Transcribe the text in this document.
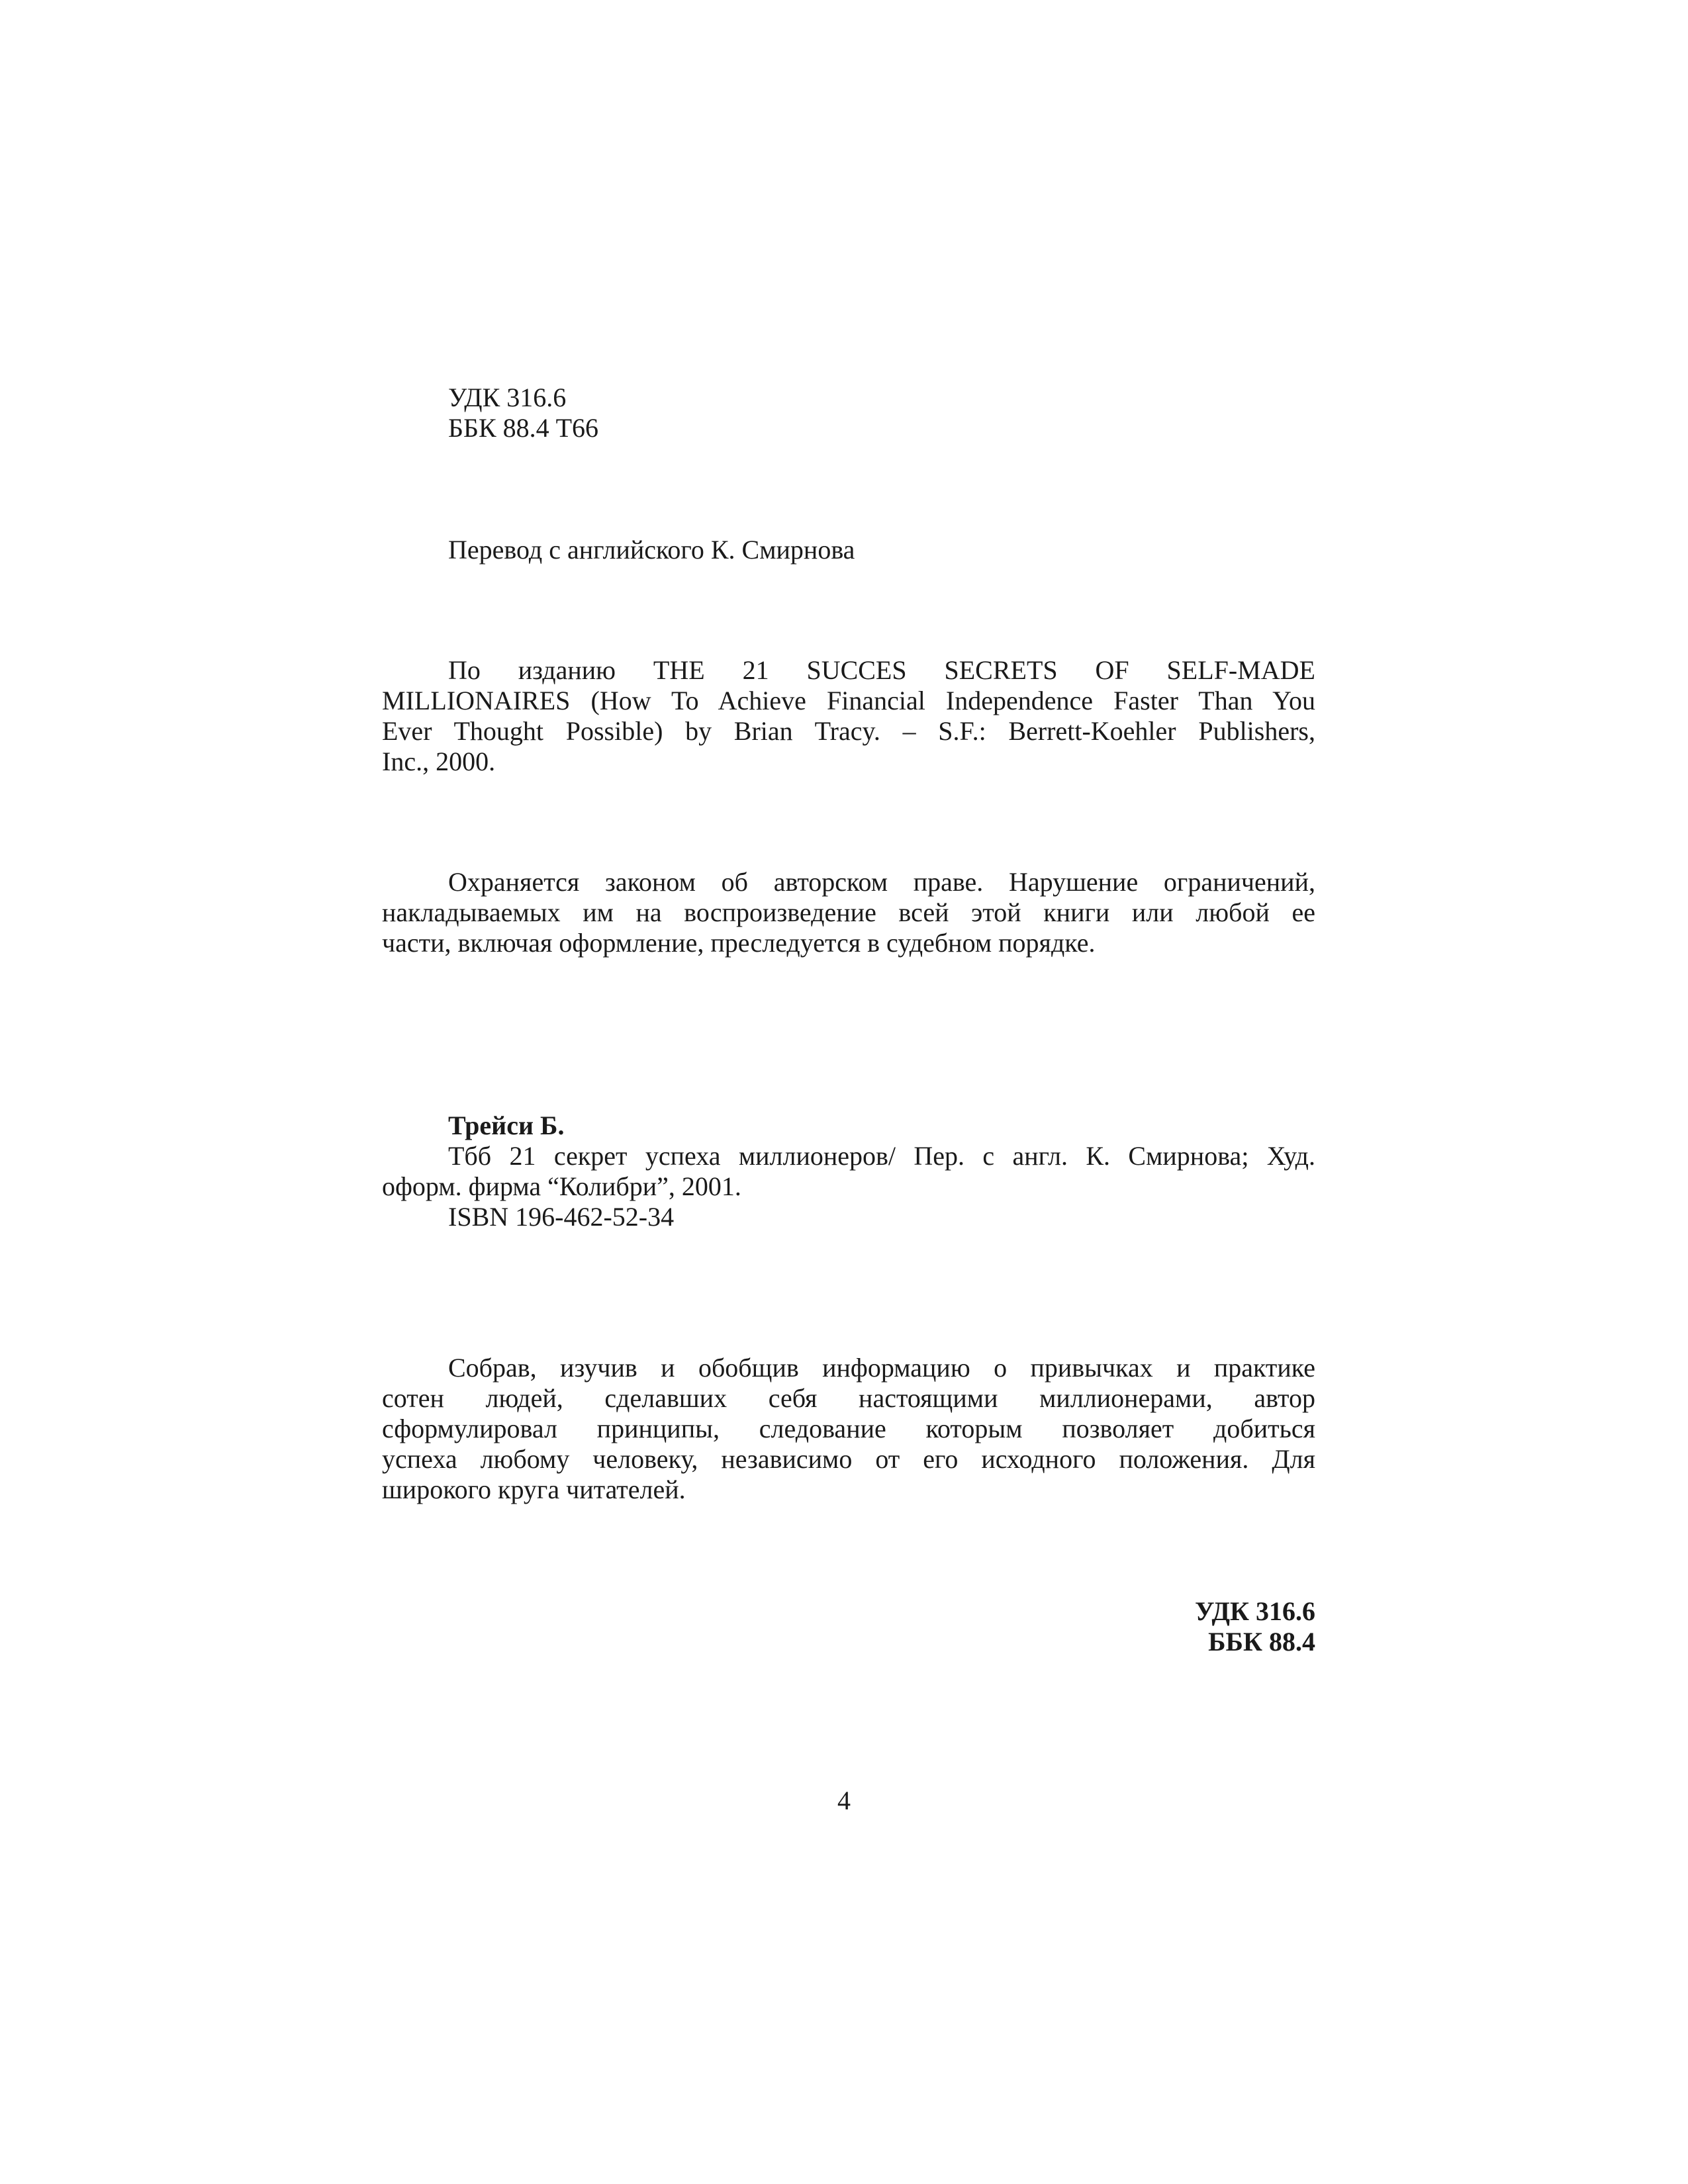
УДК 316.6
ББК 88.4 Т66
Перевод с английского К. Смирнова
По изданию THE 21 SUCCES SECRETS OF SELF-MADE
MILLIONAIRES (How To Achieve Financial Independence Faster Than You
Ever Thought Possible) by Brian Tracy. – S.F.: Berrett-Koehler Publishers,
Inc., 2000.
Охраняется законом об авторском праве. Нарушение ограничений,
накладываемых им на воспроизведение всей этой книги или любой ее
части, включая оформление, преследуется в судебном порядке.
Трейси Б.
Тбб 21 секрет успеха миллионеров/ Пер. с англ. К. Смирнова; Худ.
оформ. фирма “Колибри”, 2001.
ISBN 196-462-52-34
Собрав, изучив и обобщив информацию о привычках и практике
сотен людей, сделавших себя настоящими миллионерами, автор
сформулировал принципы, следование которым позволяет добиться
успеха любому человеку, независимо от его исходного положения. Для
широкого круга читателей.
УДК 316.6
ББК 88.4
4
